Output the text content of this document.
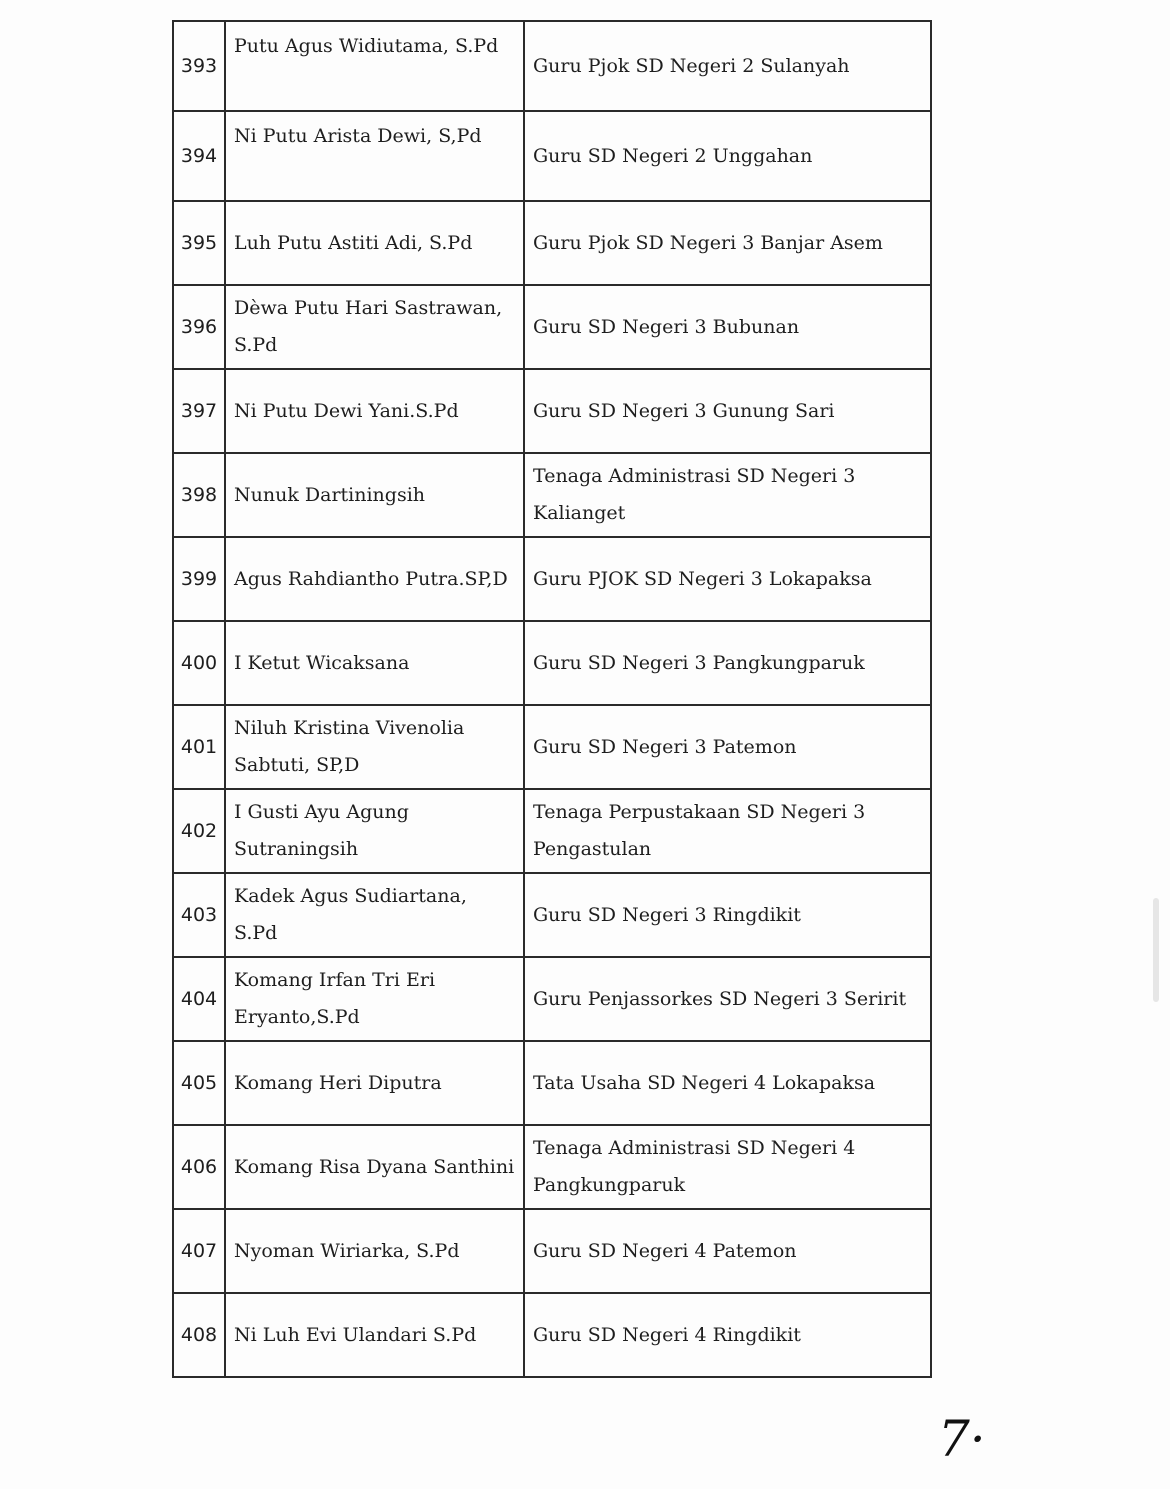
393	Putu Agus Widiutama, S.Pd	Guru Pjok SD Negeri 2 Sulanyah
394	Ni Putu Arista Dewi, S,Pd	Guru SD Negeri 2 Unggahan
395	Luh Putu Astiti Adi, S.Pd	Guru Pjok SD Negeri 3 Banjar Asem
396	Dèwa Putu Hari Sastrawan, S.Pd	Guru SD Negeri 3 Bubunan
397	Ni Putu Dewi Yani.S.Pd	Guru SD Negeri 3 Gunung Sari
398	Nunuk Dartiningsih	Tenaga Administrasi SD Negeri 3 Kalianget
399	Agus Rahdiantho Putra.SP,D	Guru PJOK SD Negeri 3 Lokapaksa
400	I Ketut Wicaksana	Guru SD Negeri 3 Pangkungparuk
401	Niluh Kristina Vivenolia Sabtuti, SP,D	Guru SD Negeri 3 Patemon
402	I Gusti Ayu Agung Sutraningsih	Tenaga Perpustakaan SD Negeri 3 Pengastulan
403	Kadek Agus Sudiartana, S.Pd	Guru SD Negeri 3 Ringdikit
404	Komang Irfan Tri Eri Eryanto,S.Pd	Guru Penjassorkes SD Negeri 3 Seririt
405	Komang Heri Diputra	Tata Usaha SD Negeri 4 Lokapaksa
406	Komang Risa Dyana Santhini	Tenaga Administrasi SD Negeri 4 Pangkungparuk
407	Nyoman Wiriarka, S.Pd	Guru SD Negeri 4 Patemon
408	Ni Luh Evi Ulandari S.Pd	Guru SD Negeri 4 Ringdikit
7·
